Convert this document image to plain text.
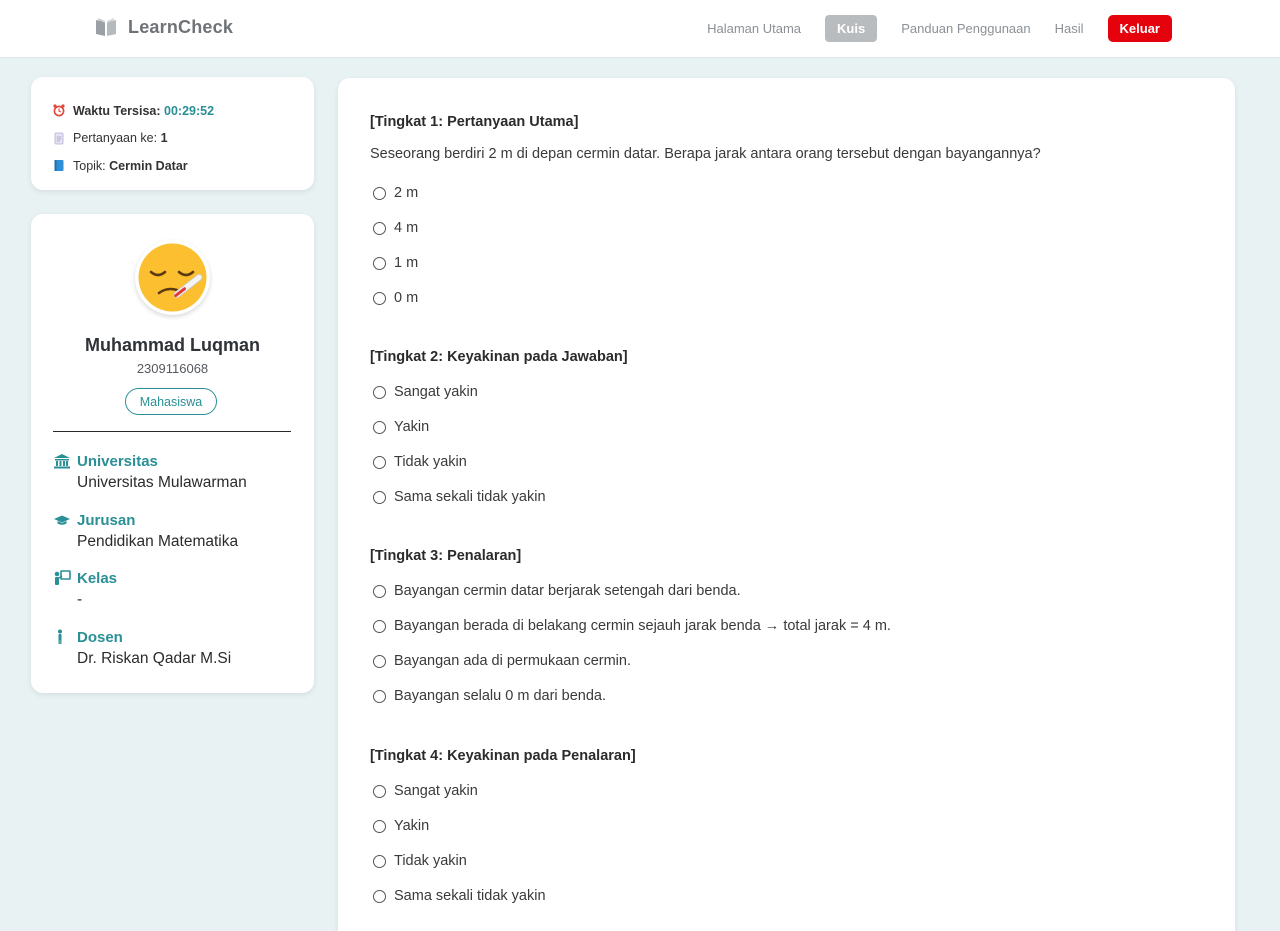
LearnCheck	Halaman Utama	Kuis	Panduan Penggunaan	Hasil	Keluar
Waktu Tersisa:
00:29:52
Pertanyaan ke:
1
Topik:
Cermin Datar
Muhammad Luqman
2309116068
Mahasiswa
Universitas
Universitas Mulawarman
Jurusan
Pendidikan Matematika
Kelas
-
Dosen
Dr. Riskan Qadar M.Si
[Tingkat 1: Pertanyaan Utama]
Seseorang berdiri 2 m di depan cermin datar. Berapa jarak antara orang tersebut dengan bayangannya?
2 m
4 m
1 m
0 m
[Tingkat 2: Keyakinan pada Jawaban]
Sangat yakin
Yakin
Tidak yakin
Sama sekali tidak yakin
[Tingkat 3: Penalaran]
Bayangan cermin datar berjarak setengah dari benda.
Bayangan berada di belakang cermin sejauh jarak benda → total jarak = 4 m.
Bayangan ada di permukaan cermin.
Bayangan selalu 0 m dari benda.
[Tingkat 4: Keyakinan pada Penalaran]
Sangat yakin
Yakin
Tidak yakin
Sama sekali tidak yakin
